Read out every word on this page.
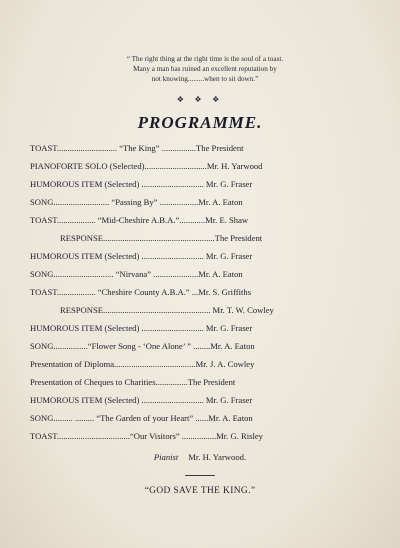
“ The right thing at the right time is the soul of a toast.
Many a man has ruined an excellent reputation by
not knowing.........when to sit down.”
❖ ❖ ❖
PROGRAMME.
TOAST............................ “The King” ................The President
PIANOFORTE SOLO (Selected).............................Mr. H. Yarwood
HUMOROUS ITEM (Selected) ............................. Mr. G. Fraser
SONG.......................... “Passing By” ..................Mr. A. Eaton
TOAST.................. “Mid-Cheshire A.B.A.”............Mr. E. Shaw
RESPONSE....................................................The President
HUMOROUS ITEM (Selected) ............................. Mr. G. Fraser
SONG............................ “Nirvana” .....................Mr. A. Eaton
TOAST.................. “Cheshire County A.B.A.” ...Mr. S. Griffiths
RESPONSE.................................................. Mr. T. W. Cowley
HUMOROUS ITEM (Selected) ............................. Mr. G. Fraser
SONG................“Flower Song - ‘One Alone’ ” ........Mr. A. Eaton
Presentation of Diploma......................................Mr. J. A. Cowley
Presentation of Cheques to Charities...............The President
HUMOROUS ITEM (Selected) ............................. Mr. G. Fraser
SONG......... ......... “The Garden of your Heart” ......Mr. A. Eaton
TOAST..................................“Our Visitors” ................Mr. G. Risley
Pianist Mr. H. Yarwood.
“GOD SAVE THE KING.”
